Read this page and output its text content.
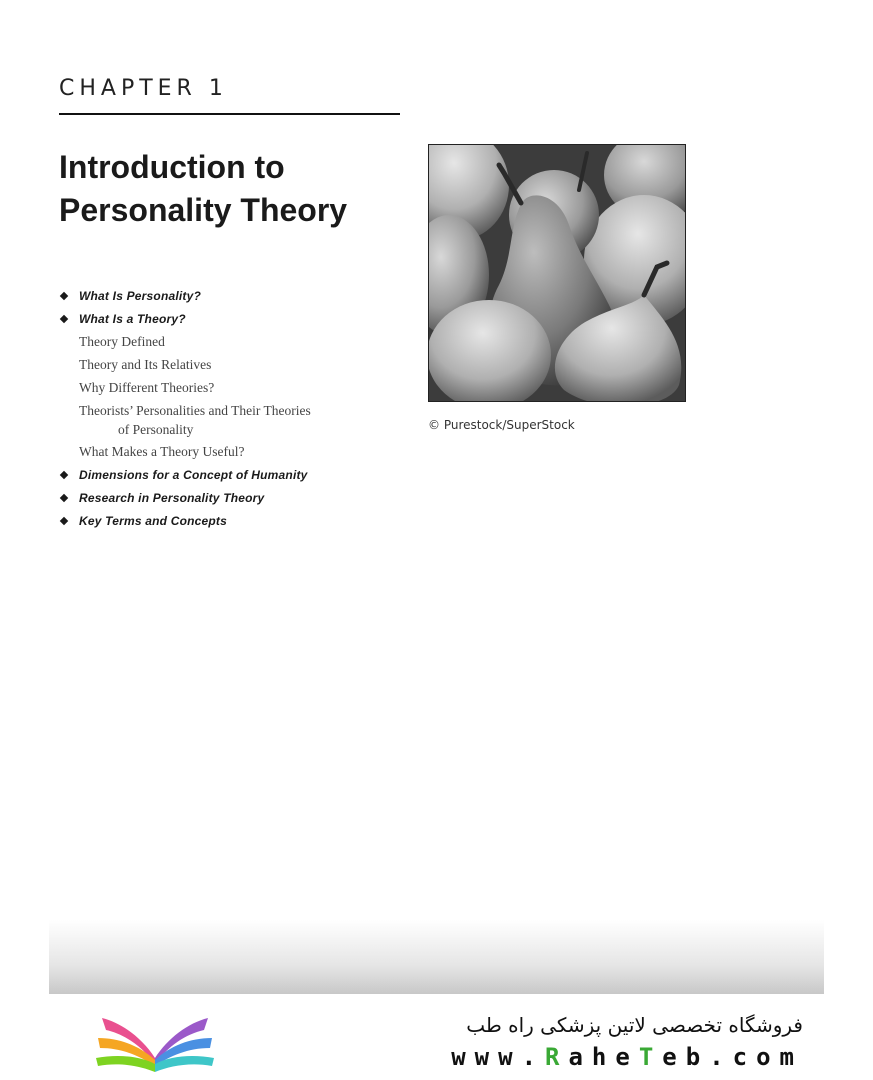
CHAPTER 1
Introduction to
Personality Theory
What Is Personality?
What Is a Theory?
Theory Defined
Theory and Its Relatives
Why Different Theories?
Theorists’ Personalities and Their Theories
of Personality
What Makes a Theory Useful?
Dimensions for a Concept of Humanity
Research in Personality Theory
Key Terms and Concepts
© Purestock/SuperStock
فروشگاه تخصصی لاتین پزشکی راه طب
www.RaheTeb.com
